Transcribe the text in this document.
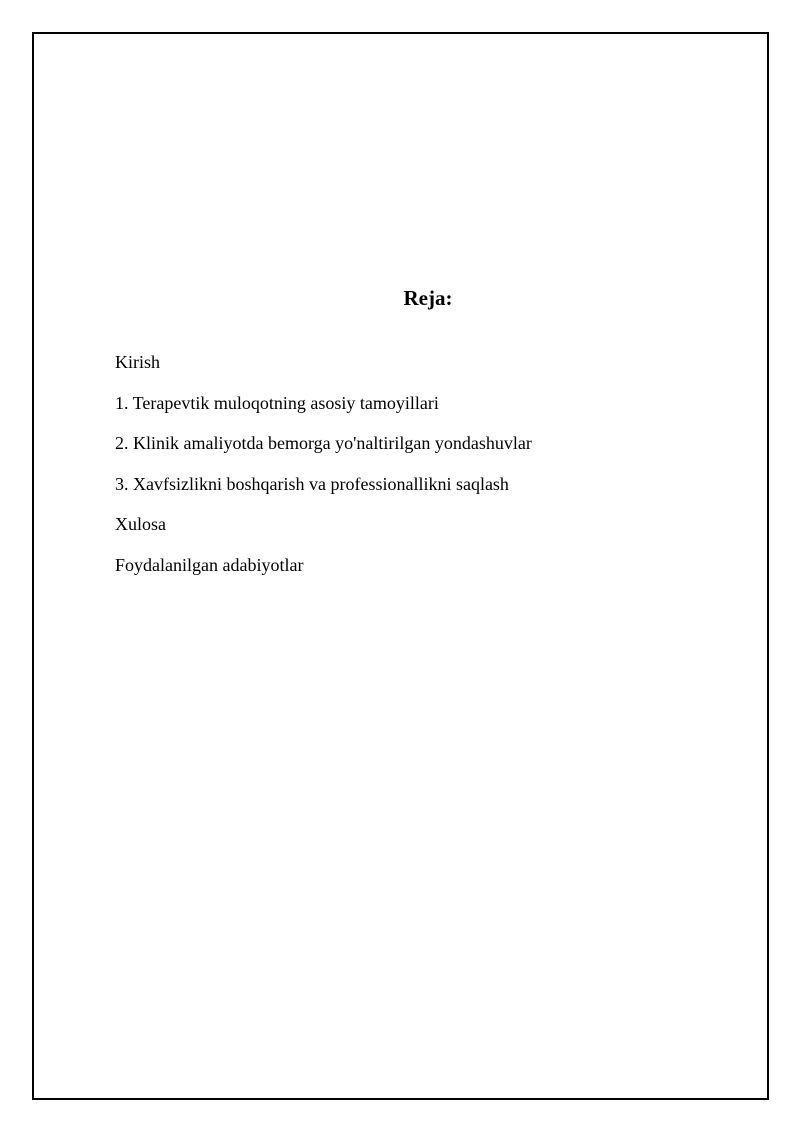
Reja:
Kirish
1. Terapevtik muloqotning asosiy tamoyillari
2. Klinik amaliyotda bemorga yo'naltirilgan yondashuvlar
3. Xavfsizlikni boshqarish va professionallikni saqlash
Xulosa
Foydalanilgan adabiyotlar
